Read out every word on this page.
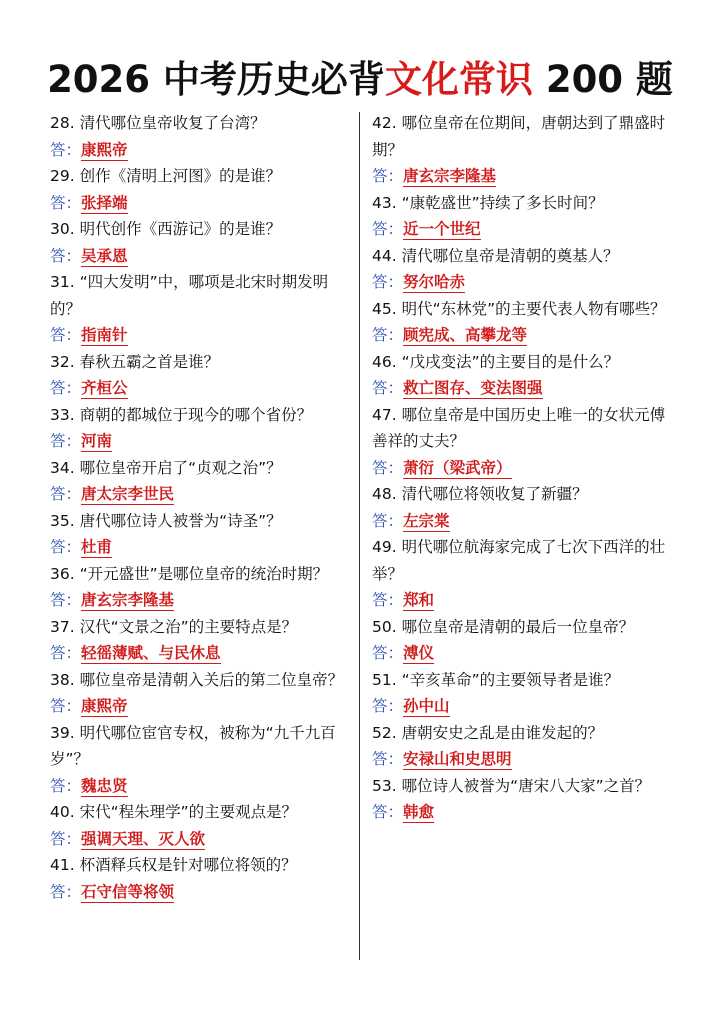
2026 中考历史必背文化常识 200 题

28. 清代哪位皇帝收复了台湾？

答：康熙帝

29. 创作《清明上河图》的是谁？

答：张择端

30. 明代创作《西游记》的是谁？

答：吴承恩

31. “四大发明”中，哪项是北宋时期发明的？

答：指南针

32. 春秋五霸之首是谁？

答：齐桓公

33. 商朝的都城位于现今的哪个省份？

答：河南

34. 哪位皇帝开启了“贞观之治”？

答：唐太宗李世民

35. 唐代哪位诗人被誉为“诗圣”？

答：杜甫

36. “开元盛世”是哪位皇帝的统治时期？

答：唐玄宗李隆基

37. 汉代“文景之治”的主要特点是？

答：轻徭薄赋、与民休息

38. 哪位皇帝是清朝入关后的第二位皇帝？

答：康熙帝

39. 明代哪位宦官专权，被称为“九千九百岁”？

答：魏忠贤

40. 宋代“程朱理学”的主要观点是？

答：强调天理、灭人欲

41. 杯酒释兵权是针对哪位将领的？

答：石守信等将领

42. 哪位皇帝在位期间，唐朝达到了鼎盛时期？

答：唐玄宗李隆基

43. “康乾盛世”持续了多长时间？

答：近一个世纪

44. 清代哪位皇帝是清朝的奠基人？

答：努尔哈赤

45. 明代“东林党”的主要代表人物有哪些？

答：顾宪成、高攀龙等

46. “戊戌变法”的主要目的是什么？

答：救亡图存、变法图强

47. 哪位皇帝是中国历史上唯一的女状元傅善祥的丈夫？

答：萧衍（梁武帝）

48. 清代哪位将领收复了新疆？

答：左宗棠

49. 明代哪位航海家完成了七次下西洋的壮举？

答：郑和

50. 哪位皇帝是清朝的最后一位皇帝？

答：溥仪

51. “辛亥革命”的主要领导者是谁？

答：孙中山

52. 唐朝安史之乱是由谁发起的？

答：安禄山和史思明

53. 哪位诗人被誉为“唐宋八大家”之首？

答：韩愈
